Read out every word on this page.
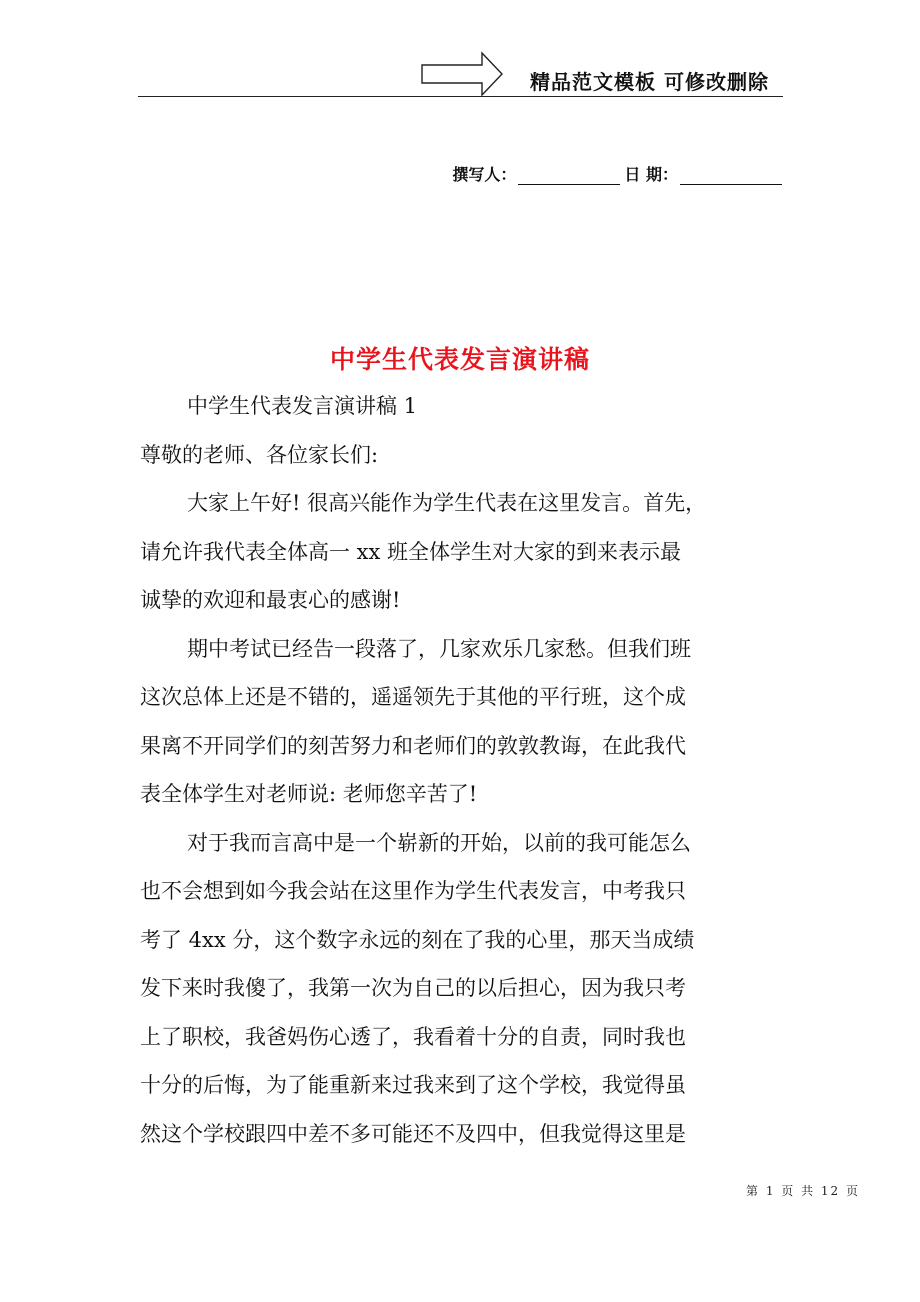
精品范文模板 可修改删除
撰写人：	日 期：
中学生代表发言演讲稿
中学生代表发言演讲稿 1
尊敬的老师、各位家长们:
大家上午好! 很高兴能作为学生代表在这里发言。首先，
请允许我代表全体高一 xx 班全体学生对大家的到来表示最
诚挚的欢迎和最衷心的感谢!
期中考试已经告一段落了，几家欢乐几家愁。但我们班
这次总体上还是不错的，遥遥领先于其他的平行班，这个成
果离不开同学们的刻苦努力和老师们的敦敦教诲，在此我代
表全体学生对老师说: 老师您辛苦了!
对于我而言高中是一个崭新的开始，以前的我可能怎么
也不会想到如今我会站在这里作为学生代表发言，中考我只
考了 4xx 分，这个数字永远的刻在了我的心里，那天当成绩
发下来时我傻了，我第一次为自己的以后担心，因为我只考
上了职校，我爸妈伤心透了，我看着十分的自责，同时我也
十分的后悔，为了能重新来过我来到了这个学校，我觉得虽
然这个学校跟四中差不多可能还不及四中，但我觉得这里是
第 1 页 共 12 页
